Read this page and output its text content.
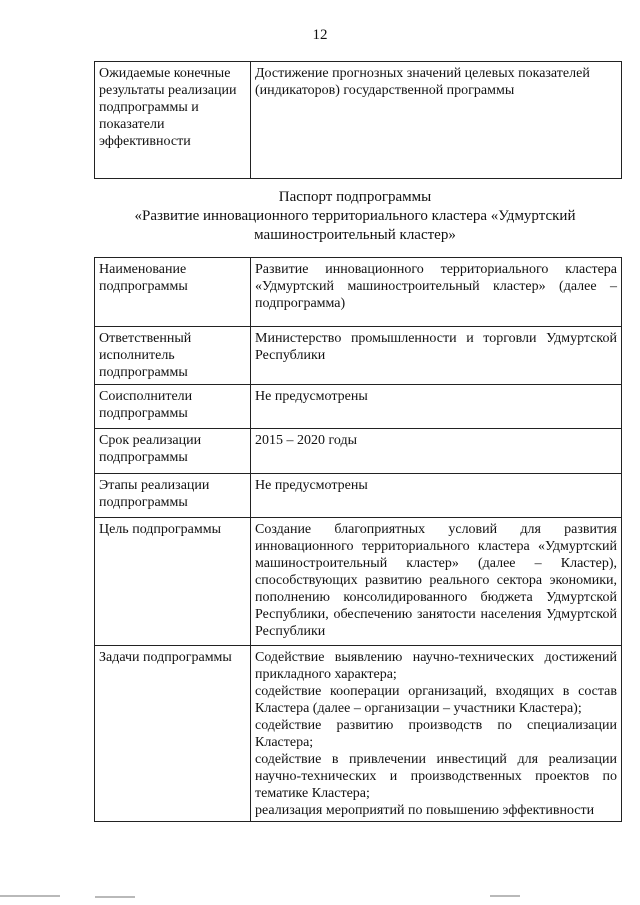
12
Ожидаемые конечные результаты реализации подпрограммы и показатели эффективности	Достижение прогнозных значений целевых показателей (индикаторов) государственной программы
Паспорт подпрограммы
«Развитие инновационного территориального кластера «Удмуртский
машиностроительный кластер»
Наименование подпрограммы	Развитие инновационного территориального кластера «Удмуртский машиностроительный кластер» (далее – подпрограмма)
Ответственный исполнитель подпрограммы	Министерство промышленности и торговли Удмуртской Республики
Соисполнители подпрограммы	Не предусмотрены
Срок реализации подпрограммы	2015 – 2020 годы
Этапы реализации подпрограммы	Не предусмотрены
Цель подпрограммы	Создание благоприятных условий для развития инновационного территориального кластера «Удмуртский машиностроительный кластер» (далее – Кластер), способствующих развитию реального сектора экономики, пополнению консолидированного бюджета Удмуртской Республики, обеспечению занятости населения Удмуртской Республики
Задачи подпрограммы	Содействие выявлению научно-технических достижений прикладного характера;
содействие кооперации организаций, входящих в состав Кластера (далее – организации – участники Кластера);
содействие развитию производств по специализации Кластера;
содействие в привлечении инвестиций для реализации научно-технических и производственных проектов по тематике Кластера;
реализация мероприятий по повышению эффективности
